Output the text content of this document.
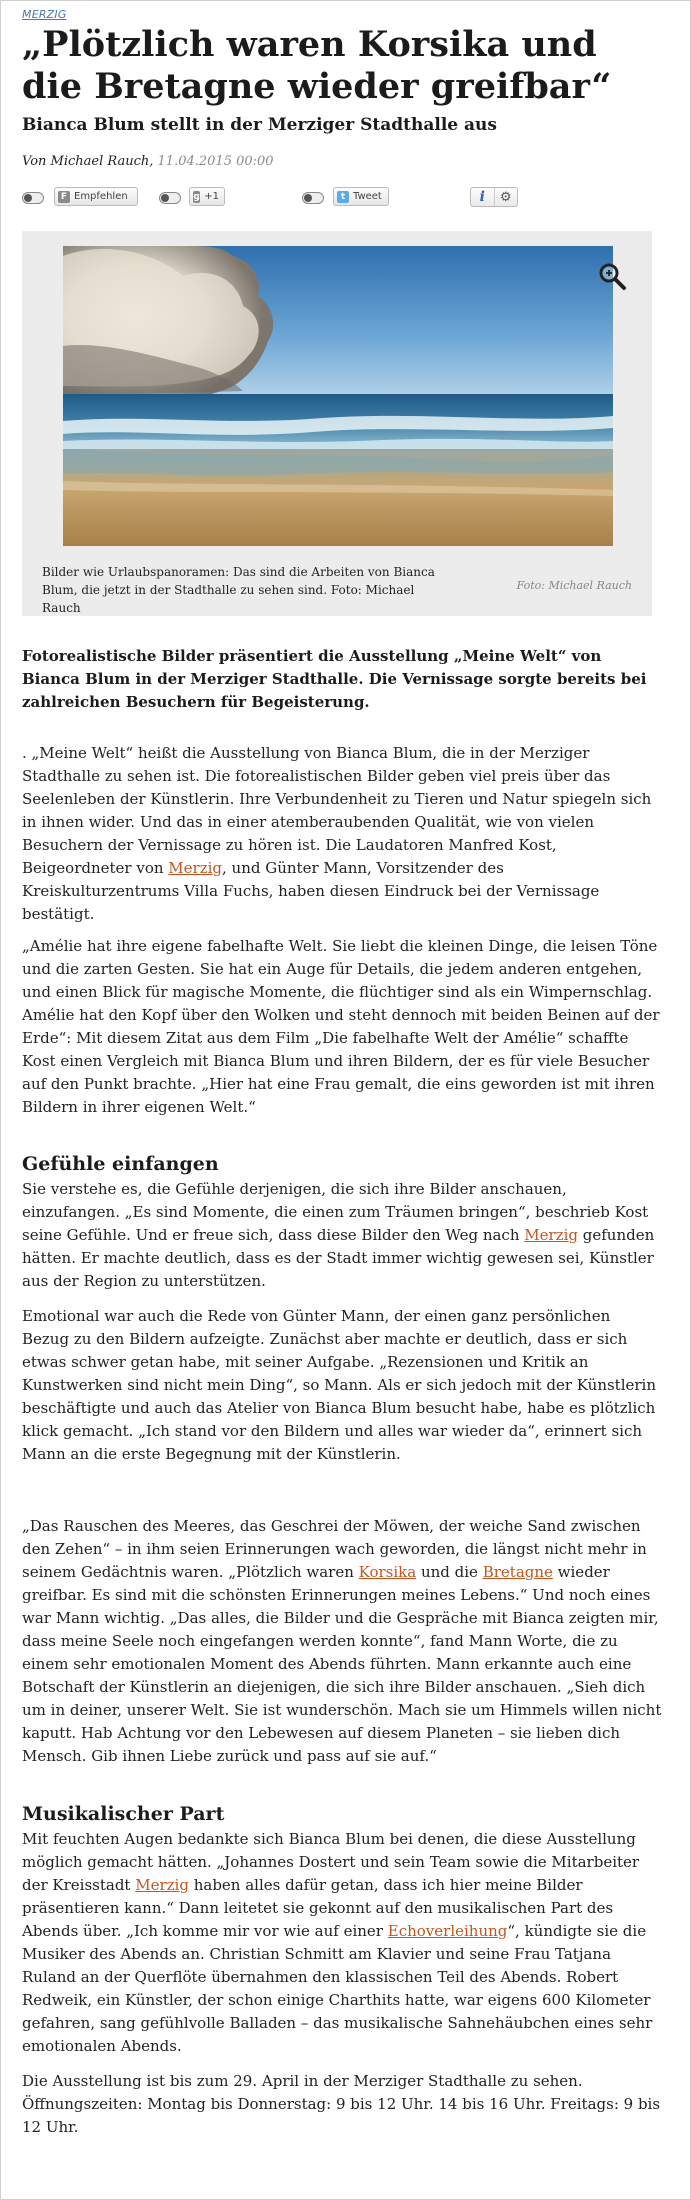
MERZIG
„Plötzlich waren Korsika und die Bretagne wieder greifbar“
Bianca Blum stellt in der Merziger Stadthalle aus
Von Michael Rauch, 11.04.2015 00:00
F Empfehlen	g +1	t Tweet	i	⚙
Bilder wie Urlaubspanoramen: Das sind die Arbeiten von Bianca Blum, die jetzt in der Stadthalle zu sehen sind. Foto: Michael Rauch
Foto: Michael Rauch

Fotorealistische Bilder präsentiert die Ausstellung „Meine Welt“ von Bianca Blum in der Merziger Stadthalle. Die Vernissage sorgte bereits bei zahlreichen Besuchern für Begeisterung.

. „Meine Welt“ heißt die Ausstellung von Bianca Blum, die in der Merziger Stadthalle zu sehen ist. Die fotorealistischen Bilder geben viel preis über das Seelenleben der Künstlerin. Ihre Verbundenheit zu Tieren und Natur spiegeln sich in ihnen wider. Und das in einer atemberaubenden Qualität, wie von vielen Besuchern der Vernissage zu hören ist. Die Laudatoren Manfred Kost, Beigeordneter von Merzig, und Günter Mann, Vorsitzender des Kreiskulturzentrums Villa Fuchs, haben diesen Eindruck bei der Vernissage bestätigt.

„Amélie hat ihre eigene fabelhafte Welt. Sie liebt die kleinen Dinge, die leisen Töne und die zarten Gesten. Sie hat ein Auge für Details, die jedem anderen entgehen, und einen Blick für magische Momente, die flüchtiger sind als ein Wimpernschlag. Amélie hat den Kopf über den Wolken und steht dennoch mit beiden Beinen auf der Erde“: Mit diesem Zitat aus dem Film „Die fabelhafte Welt der Amélie“ schaffte Kost einen Vergleich mit Bianca Blum und ihren Bildern, der es für viele Besucher auf den Punkt brachte. „Hier hat eine Frau gemalt, die eins geworden ist mit ihren Bildern in ihrer eigenen Welt.“

Gefühle einfangen

Sie verstehe es, die Gefühle derjenigen, die sich ihre Bilder anschauen, einzufangen. „Es sind Momente, die einen zum Träumen bringen“, beschrieb Kost seine Gefühle. Und er freue sich, dass diese Bilder den Weg nach Merzig gefunden hätten. Er machte deutlich, dass es der Stadt immer wichtig gewesen sei, Künstler aus der Region zu unterstützen.

Emotional war auch die Rede von Günter Mann, der einen ganz persönlichen Bezug zu den Bildern aufzeigte. Zunächst aber machte er deutlich, dass er sich etwas schwer getan habe, mit seiner Aufgabe. „Rezensionen und Kritik an Kunstwerken sind nicht mein Ding“, so Mann. Als er sich jedoch mit der Künstlerin beschäftigte und auch das Atelier von Bianca Blum besucht habe, habe es plötzlich klick gemacht. „Ich stand vor den Bildern und alles war wieder da“, erinnert sich Mann an die erste Begegnung mit der Künstlerin.

„Das Rauschen des Meeres, das Geschrei der Möwen, der weiche Sand zwischen den Zehen“ – in ihm seien Erinnerungen wach geworden, die längst nicht mehr in seinem Gedächtnis waren. „Plötzlich waren Korsika und die Bretagne wieder greifbar. Es sind mit die schönsten Erinnerungen meines Lebens.“ Und noch eines war Mann wichtig. „Das alles, die Bilder und die Gespräche mit Bianca zeigten mir, dass meine Seele noch eingefangen werden konnte“, fand Mann Worte, die zu einem sehr emotionalen Moment des Abends führten. Mann erkannte auch eine Botschaft der Künstlerin an diejenigen, die sich ihre Bilder anschauen. „Sieh dich um in deiner, unserer Welt. Sie ist wunderschön. Mach sie um Himmels willen nicht kaputt. Hab Achtung vor den Lebewesen auf diesem Planeten – sie lieben dich Mensch. Gib ihnen Liebe zurück und pass auf sie auf.“

Musikalischer Part

Mit feuchten Augen bedankte sich Bianca Blum bei denen, die diese Ausstellung möglich gemacht hätten. „Johannes Dostert und sein Team sowie die Mitarbeiter der Kreisstadt Merzig haben alles dafür getan, dass ich hier meine Bilder präsentieren kann.“ Dann leitetet sie gekonnt auf den musikalischen Part des Abends über. „Ich komme mir vor wie auf einer Echoverleihung“, kündigte sie die Musiker des Abends an. Christian Schmitt am Klavier und seine Frau Tatjana Ruland an der Querflöte übernahmen den klassischen Teil des Abends. Robert Redweik, ein Künstler, der schon einige Charthits hatte, war eigens 600 Kilometer gefahren, sang gefühlvolle Balladen – das musikalische Sahnehäubchen eines sehr emotionalen Abends.

Die Ausstellung ist bis zum 29. April in der Merziger Stadthalle zu sehen. Öffnungszeiten: Montag bis Donnerstag: 9 bis 12 Uhr. 14 bis 16 Uhr. Freitags: 9 bis 12 Uhr.
